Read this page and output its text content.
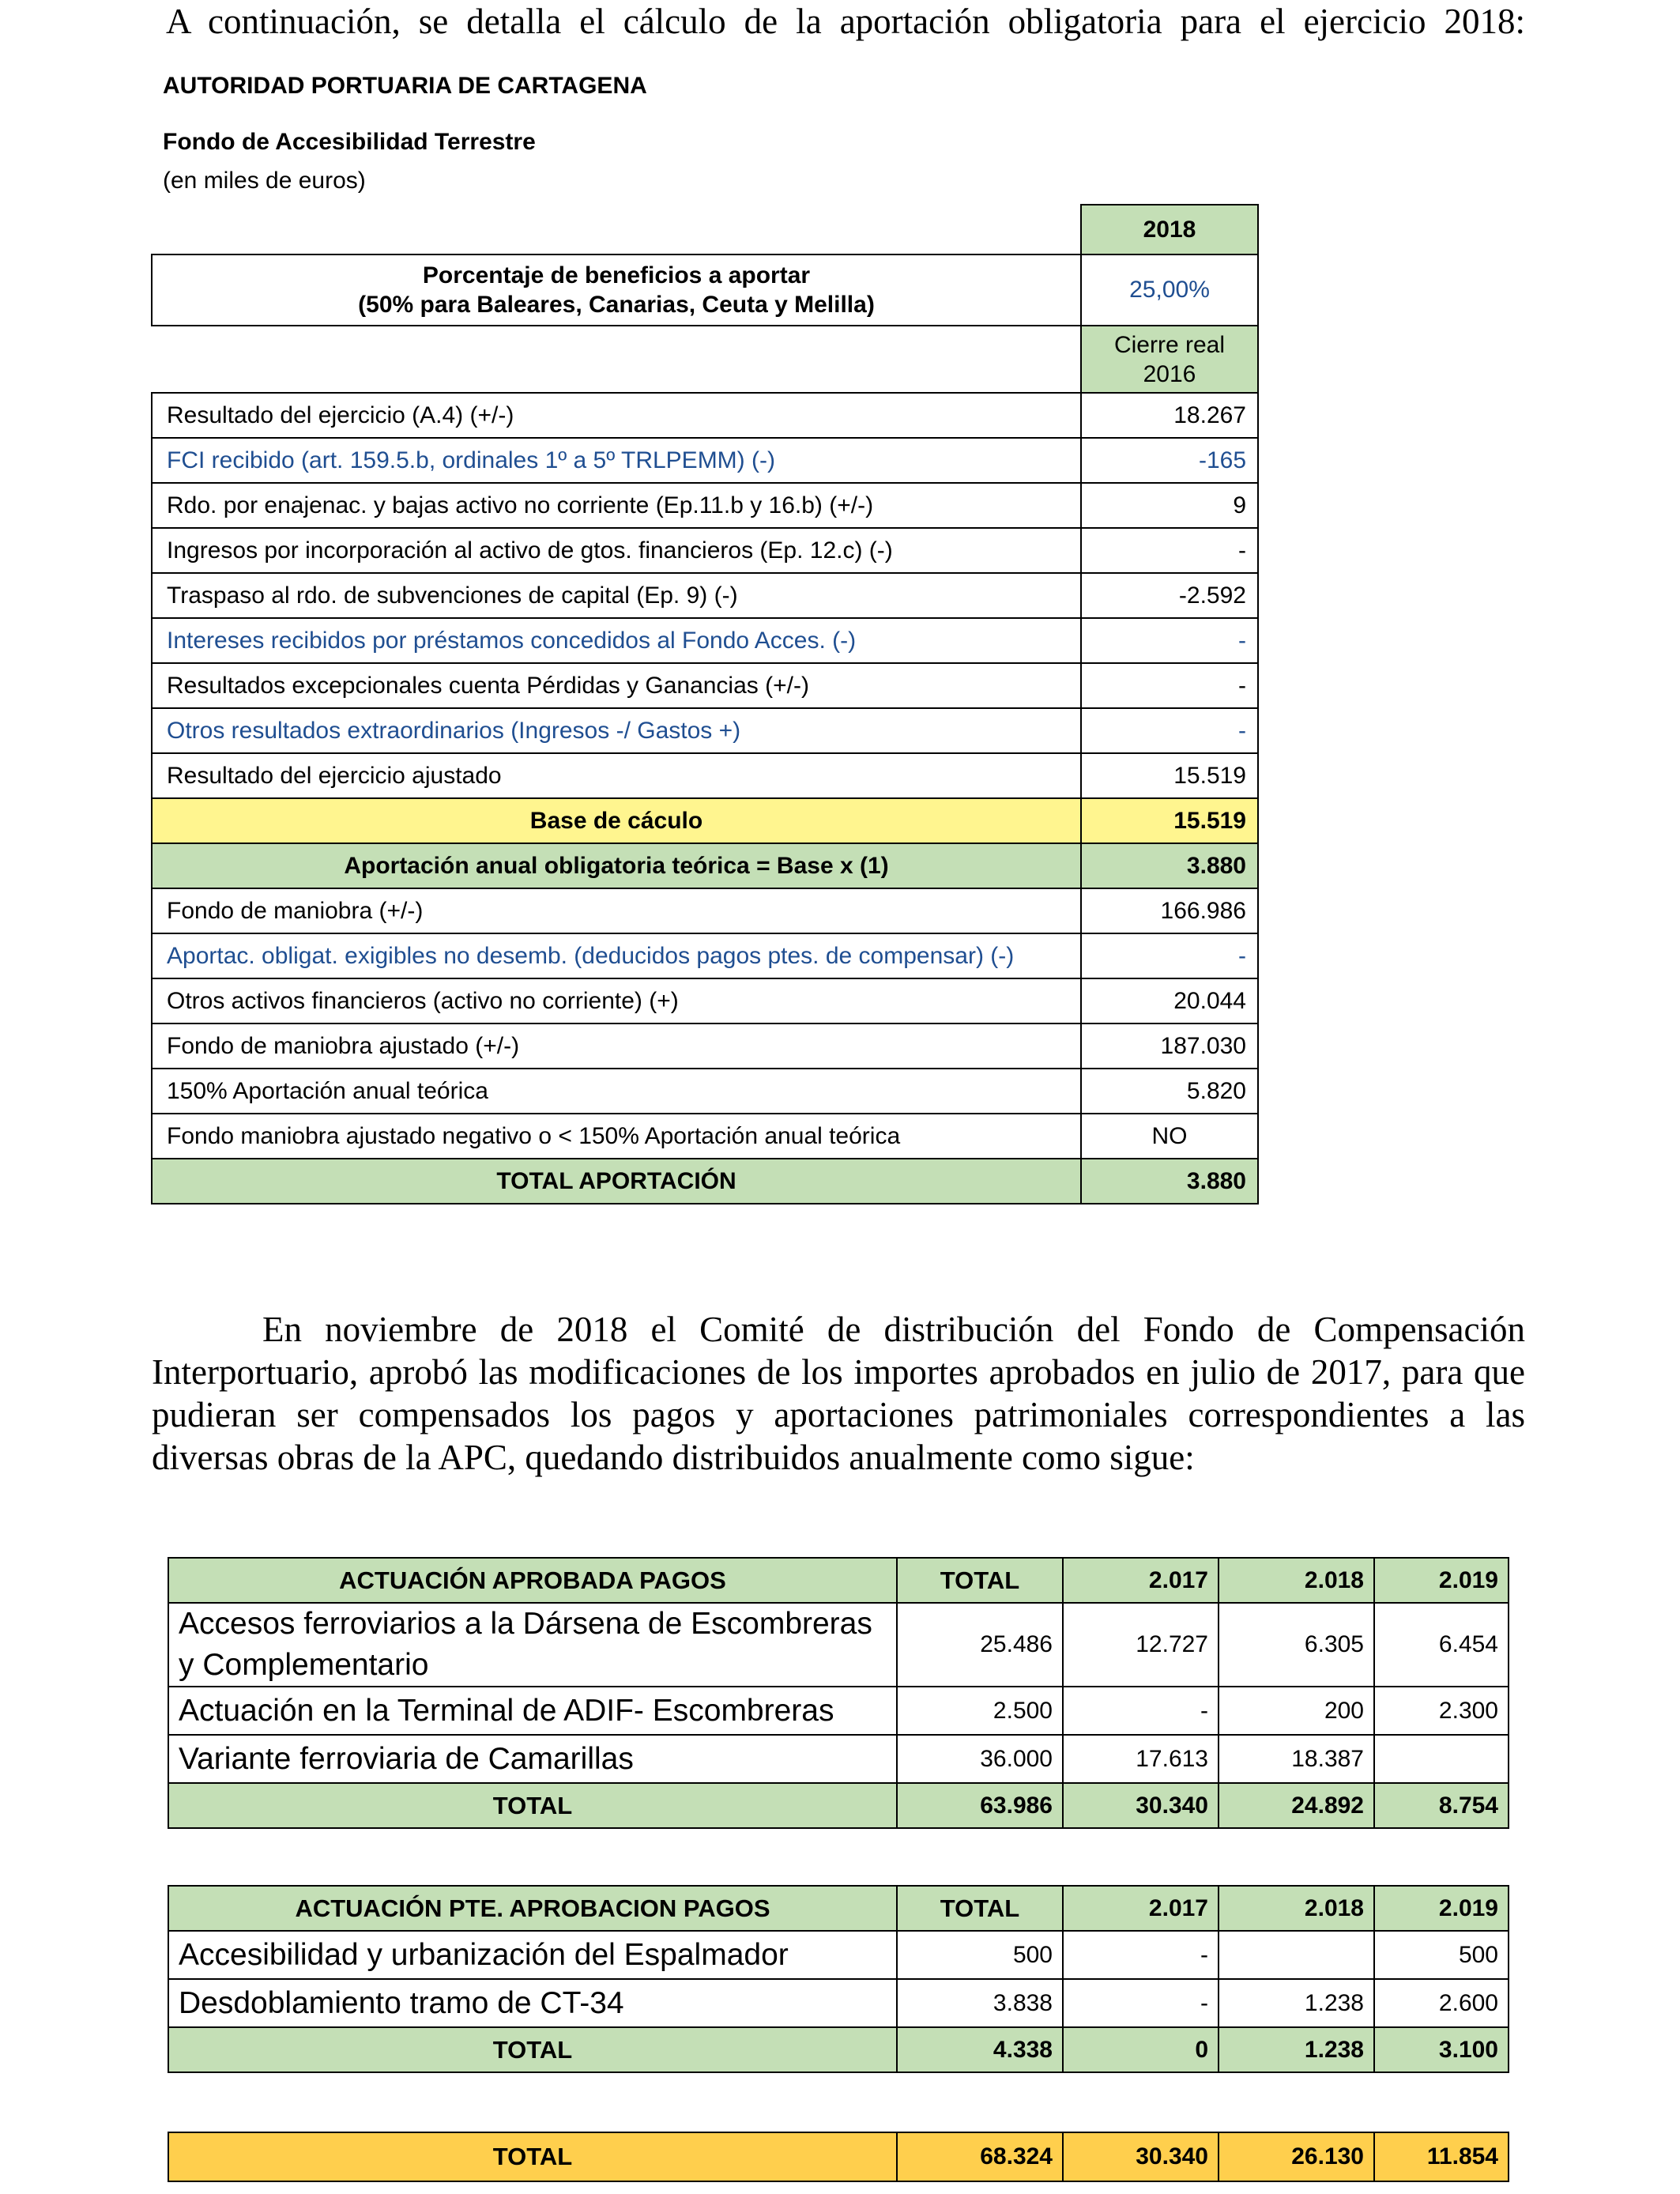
A continuación, se detalla el cálculo de la aportación obligatoria para el ejercicio 2018:
AUTORIDAD PORTUARIA DE CARTAGENA
Fondo de Accesibilidad Terrestre
(en miles de euros)
	2018

Porcentaje de beneficios a aportar
(50% para Baleares, Canarias, Ceuta y Melilla)	25,00%

	Cierre real
2016

Resultado del ejercicio (A.4) (+/-)	18.267
FCI recibido (art. 159.5.b, ordinales 1º a 5º TRLPEMM) (-)	-165
Rdo. por enajenac. y bajas activo no corriente (Ep.11.b y 16.b) (+/-)	9
Ingresos por incorporación al activo de gtos. financieros (Ep. 12.c) (-)	-
Traspaso al rdo. de subvenciones de capital (Ep. 9) (-)	-2.592
Intereses recibidos por préstamos concedidos al Fondo Acces. (-)	-
Resultados excepcionales cuenta Pérdidas y Ganancias (+/-)	-
Otros resultados extraordinarios (Ingresos -/ Gastos +)	-
Resultado del ejercicio ajustado	15.519
Base de cáculo	15.519
Aportación anual obligatoria teórica = Base x (1)	3.880
Fondo de maniobra (+/-)	166.986
Aportac. obligat. exigibles no desemb. (deducidos pagos ptes. de compensar) (-)	-
Otros activos financieros (activo no corriente) (+)	20.044
Fondo de maniobra ajustado (+/-)	187.030
150% Aportación anual teórica	5.820
Fondo maniobra ajustado negativo o < 150% Aportación anual teórica	NO
TOTAL APORTACIÓN	3.880
En noviembre de 2018 el Comité de distribución del Fondo de Compensación Interportuario, aprobó las modificaciones de los importes aprobados en julio de 2017, para que pudieran ser compensados los pagos y aportaciones patrimoniales correspondientes a las diversas obras de la APC, quedando distribuidos anualmente como sigue:
ACTUACIÓN APROBADA PAGOS	TOTAL	2.017	2.018	2.019
Accesos ferroviarios a la Dársena de Escombreras y Complementario	25.486	12.727	6.305	6.454
Actuación en la Terminal de ADIF- Escombreras	2.500	-	200	2.300
Variante ferroviaria de Camarillas	36.000	17.613	18.387	
TOTAL	63.986	30.340	24.892	8.754
ACTUACIÓN PTE. APROBACION PAGOS	TOTAL	2.017	2.018	2.019
Accesibilidad y urbanización del Espalmador	500	-		500
Desdoblamiento tramo de CT-34	3.838	-	1.238	2.600
TOTAL	4.338	0	1.238	3.100
TOTAL	68.324	30.340	26.130	11.854
